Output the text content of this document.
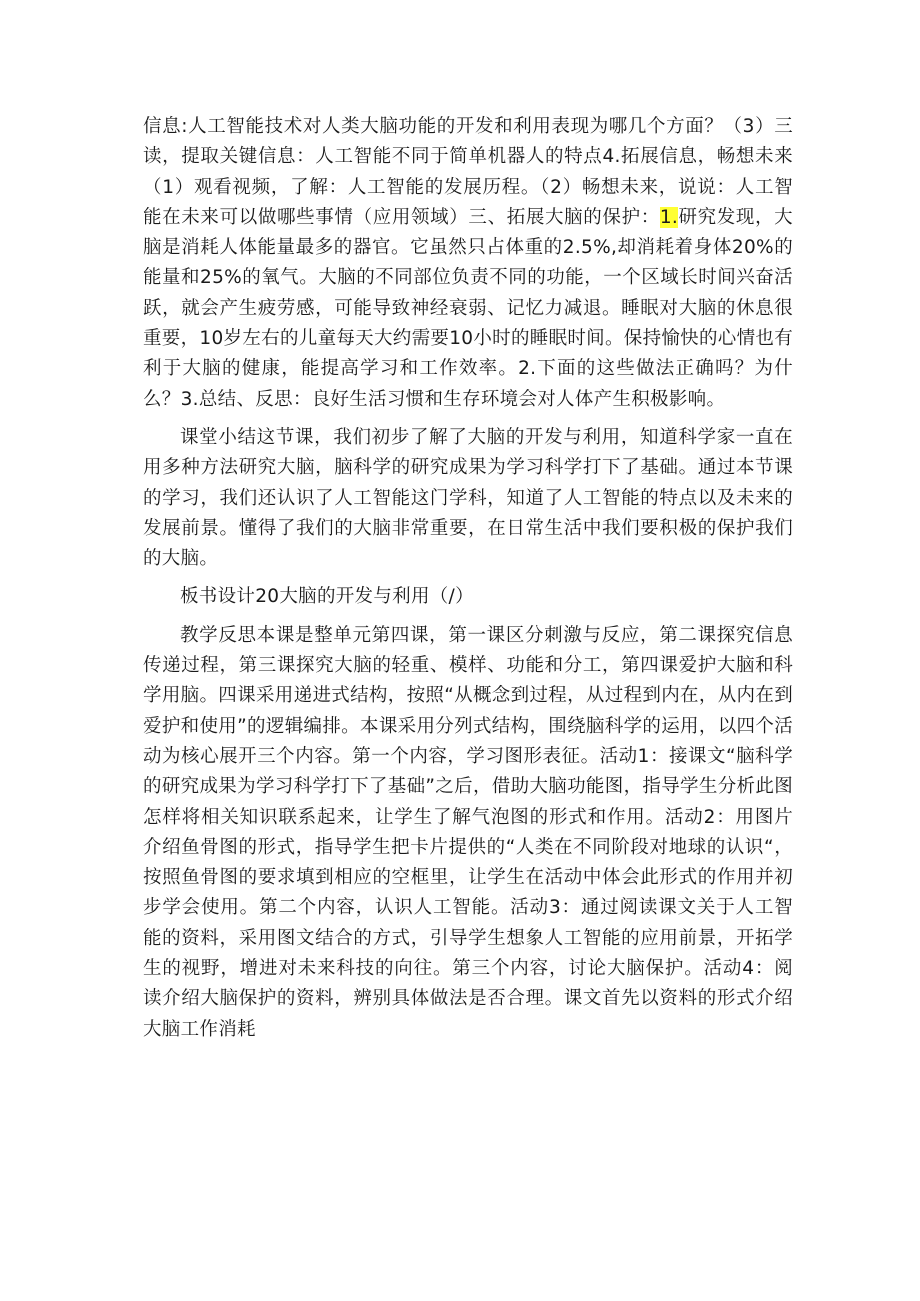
信息:人工智能技术对人类大脑功能的开发和利用表现为哪几个方面？（3）三读，提取关键信息：人工智能不同于简单机器人的特点4.拓展信息，畅想未来（1）观看视频，了解：人工智能的发展历程。（2）畅想未来，说说：人工智能在未来可以做哪些事情（应用领域）三、拓展大脑的保护：1.研究发现，大脑是消耗人体能量最多的器官。它虽然只占体重的2.5%,却消耗着身体20%的能量和25%的氧气。大脑的不同部位负责不同的功能，一个区域长时间兴奋活跃，就会产生疲劳感，可能导致神经衰弱、记忆力减退。睡眠对大脑的休息很重要，10岁左右的儿童每天大约需要10小时的睡眠时间。保持愉快的心情也有利于大脑的健康，能提高学习和工作效率。2.下面的这些做法正确吗？为什么？3.总结、反思：良好生活习惯和生存环境会对人体产生积极影响。

课堂小结这节课，我们初步了解了大脑的开发与利用，知道科学家一直在用多种方法研究大脑，脑科学的研究成果为学习科学打下了基础。通过本节课的学习，我们还认识了人工智能这门学科，知道了人工智能的特点以及未来的发展前景。懂得了我们的大脑非常重要，在日常生活中我们要积极的保护我们的大脑。

板书设计20大脑的开发与利用（/）

教学反思本课是整单元第四课，第一课区分刺激与反应，第二课探究信息传递过程，第三课探究大脑的轻重、模样、功能和分工，第四课爱护大脑和科学用脑。四课采用递进式结构，按照“从概念到过程，从过程到内在，从内在到爱护和使用”的逻辑编排。本课采用分列式结构，围绕脑科学的运用，以四个活动为核心展开三个内容。第一个内容，学习图形表征。活动1：接课文“脑科学的研究成果为学习科学打下了基础”之后，借助大脑功能图，指导学生分析此图怎样将相关知识联系起来，让学生了解气泡图的形式和作用。活动2：用图片介绍鱼骨图的形式，指导学生把卡片提供的“人类在不同阶段对地球的认识“，按照鱼骨图的要求填到相应的空框里，让学生在活动中体会此形式的作用并初步学会使用。第二个内容，认识人工智能。活动3：通过阅读课文关于人工智能的资料，采用图文结合的方式，引导学生想象人工智能的应用前景，开拓学生的视野，增进对未来科技的向往。第三个内容，讨论大脑保护。活动4：阅读介绍大脑保护的资料，辨别具体做法是否合理。课文首先以资料的形式介绍大脑工作消耗
